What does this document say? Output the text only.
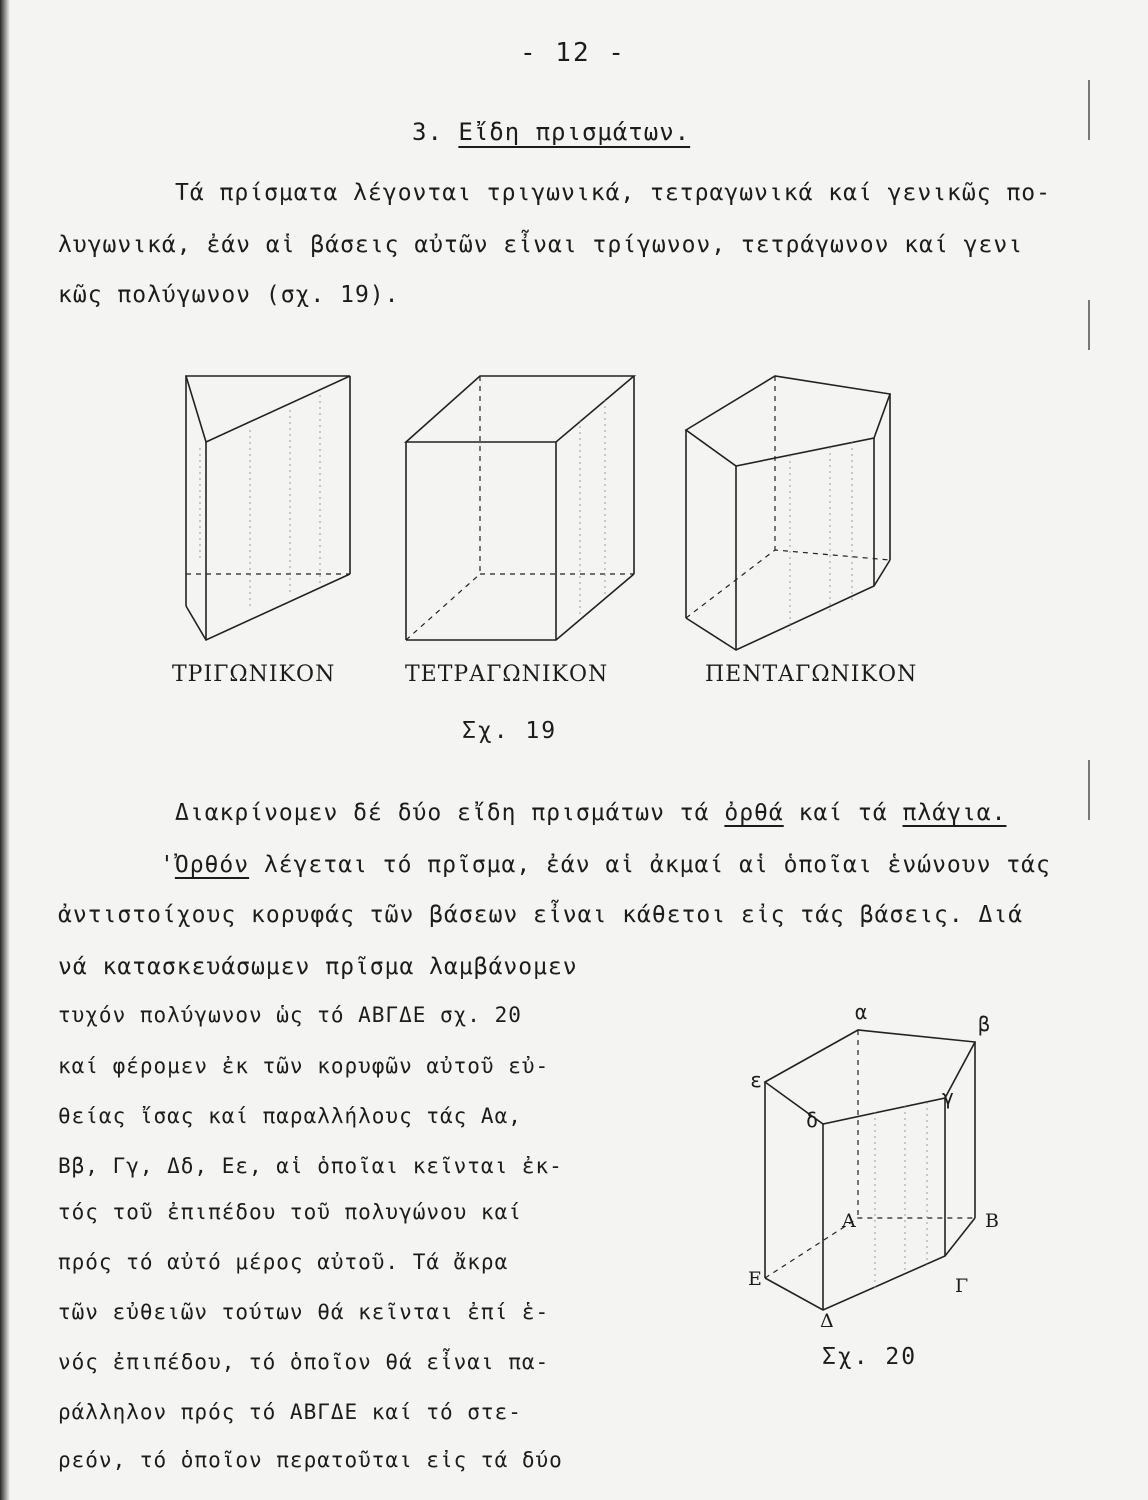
- 12 -
3. Εἴδη πρισμάτων.
Τά πρίσματα λέγονται τριγωνικά, τετραγωνικά καί γενικῶς πο-
λυγωνικά, ἐάν αἱ βάσεις αὐτῶν εἶναι τρίγωνον, τετράγωνον καί γενι
κῶς πολύγωνον (σχ. 19).
ΤΡΙΓΩΝΙΚΟΝ	ΤΕΤΡΑΓΩΝΙΚΟΝ	ΠΕΝΤΑΓΩΝΙΚΟΝ
Σχ. 19
Διακρίνομεν δέ δύο εἴδη πρισμάτων τά ὀρθά καί τά πλάγια.
'Ὀρθόν λέγεται τό πρῖσμα, ἐάν αἱ ἀκμαί αἱ ὁποῖαι ἑνώνουν τάς
ἀντιστοίχους κορυφάς τῶν βάσεων εἶναι κάθετοι εἰς τάς βάσεις. Διά
νά κατασκευάσωμεν πρῖσμα λαμβάνομεν
τυχόν πολύγωνον ὡς τό ΑΒΓΔΕ σχ. 20
καί φέρομεν ἐκ τῶν κορυφῶν αὐτοῦ εὐ-
θείας ἴσας καί παραλλήλους τάς Αα,
Ββ, Γγ, Δδ, Εε, αἱ ὁποῖαι κεῖνται ἐκ-
τός τοῦ ἐπιπέδου τοῦ πολυγώνου καί
πρός τό αὐτό μέρος αὐτοῦ. Τά ἄκρα
τῶν εὐθειῶν τούτων θά κεῖνται ἐπί ἑ-
νός ἐπιπέδου, τό ὁποῖον θά εἶναι πα-
ράλληλον πρός τό ΑΒΓΔΕ καί τό στε-
ρεόν, τό ὁποῖον περατοῦται εἰς τά δύο
α	β
γ
δ
ε
Α	Β
Γ
Δ
Ε
Σχ. 20
